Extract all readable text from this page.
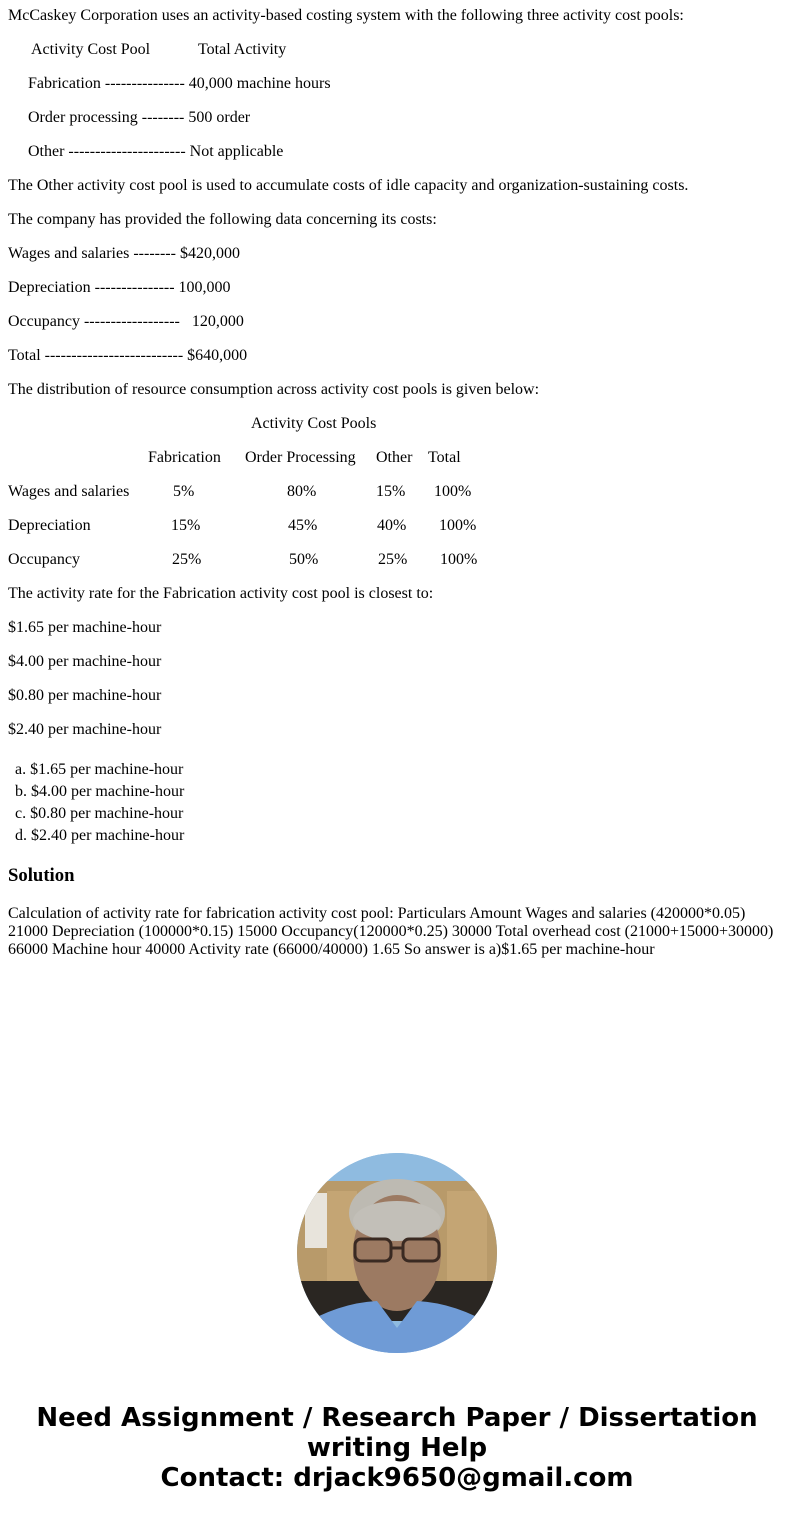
McCaskey Corporation uses an activity-based costing system with the following three activity cost pools:
Activity Cost Pool	Total Activity
Fabrication --------------- 40,000 machine hours
Order processing -------- 500 order
Other ---------------------- Not applicable
The Other activity cost pool is used to accumulate costs of idle capacity and organization-sustaining costs.
The company has provided the following data concerning its costs:
Wages and salaries -------- $420,000
Depreciation --------------- 100,000
Occupancy ------------------   120,000
Total -------------------------- $640,000
The distribution of resource consumption across activity cost pools is given below:
Activity Cost Pools
Fabrication Order Processing Other Total
Wages and salaries	5%	80%	15% 100%
Depreciation	15%	45%	40% 100%
Occupancy	25%	50%	25% 100%
The activity rate for the Fabrication activity cost pool is closest to:
$1.65 per machine-hour
$4.00 per machine-hour
$0.80 per machine-hour
$2.40 per machine-hour
a. $1.65 per machine-hour
b. $4.00 per machine-hour
c. $0.80 per machine-hour
d. $2.40 per machine-hour
Solution
Calculation of activity rate for fabrication activity cost pool: Particulars Amount Wages and salaries (420000*0.05) 21000 Depreciation (100000*0.15) 15000 Occupancy(120000*0.25) 30000 Total overhead cost (21000+15000+30000) 66000 Machine hour 40000 Activity rate (66000/40000) 1.65 So answer is a)$1.65 per machine-hour
Need Assignment / Research Paper / Dissertation
writing Help
Contact: drjack9650@gmail.com
